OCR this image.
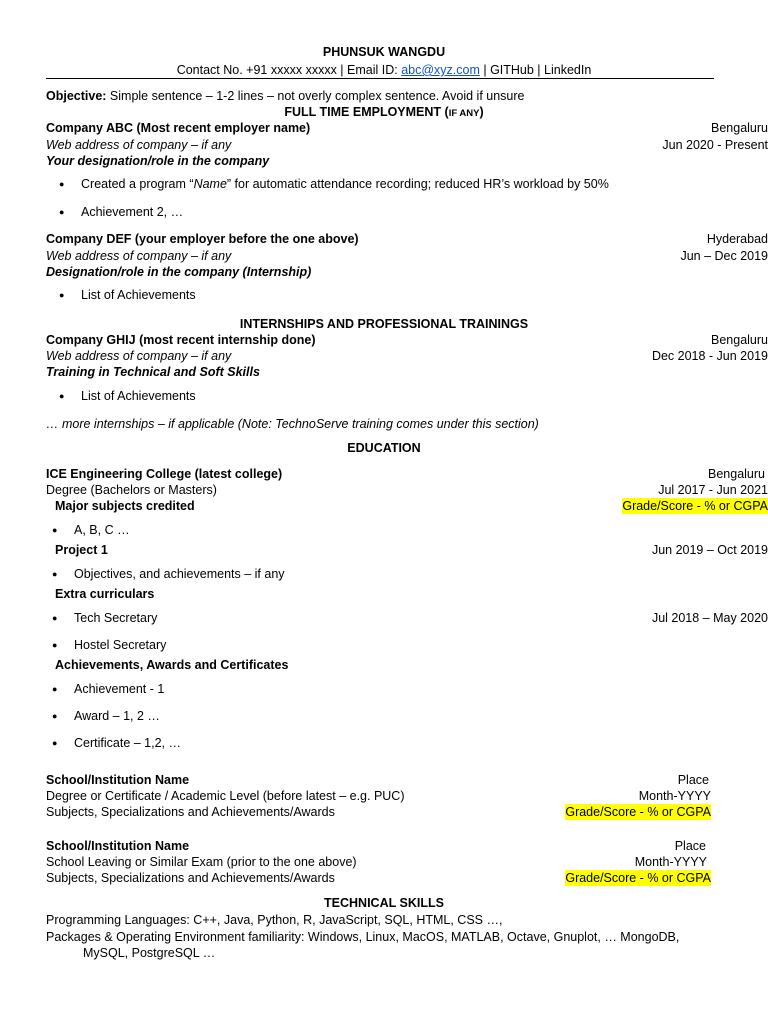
PHUNSUK WANGDU
Contact No. +91 xxxxx xxxxx | Email ID: abc@xyz.com | GITHub | LinkedIn
Objective: Simple sentence – 1-2 lines – not overly complex sentence. Avoid if unsure
FULL TIME EMPLOYMENT (IF ANY)
Company ABC (Most recent employer name)	Bengaluru
Web address of company – if any	Jun 2020 - Present
Your designation/role in the company
● Created a program “Name” for automatic attendance recording; reduced HR’s workload by 50%
● Achievement 2, …
Company DEF (your employer before the one above)	Hyderabad
Web address of company – if any	Jun – Dec 2019
Designation/role in the company (Internship)
● List of Achievements
INTERNSHIPS AND PROFESSIONAL TRAININGS
Company GHIJ (most recent internship done)	Bengaluru
Web address of company – if any	Dec 2018 - Jun 2019
Training in Technical and Soft Skills
● List of Achievements
… more internships – if applicable (Note: TechnoServe training comes under this section)
EDUCATION
ICE Engineering College (latest college)	Bengaluru
Degree (Bachelors or Masters)	Jul 2017 - Jun 2021
Major subjects credited	Grade/Score - % or CGPA
● A, B, C …
Project 1	Jun 2019 – Oct 2019
● Objectives, and achievements – if any
Extra curriculars
● Tech Secretary	Jul 2018 – May 2020
● Hostel Secretary
Achievements, Awards and Certificates
● Achievement - 1
● Award – 1, 2 …
● Certificate – 1,2, …
School/Institution Name	Place
Degree or Certificate / Academic Level (before latest – e.g. PUC)	Month-YYYY
Subjects, Specializations and Achievements/Awards	Grade/Score - % or CGPA
School/Institution Name	Place
School Leaving or Similar Exam (prior to the one above)	Month-YYYY
Subjects, Specializations and Achievements/Awards	Grade/Score - % or CGPA
TECHNICAL SKILLS
Programming Languages: C++, Java, Python, R, JavaScript, SQL, HTML, CSS …,
Packages & Operating Environment familiarity: Windows, Linux, MacOS, MATLAB, Octave, Gnuplot, … MongoDB,
MySQL, PostgreSQL …
